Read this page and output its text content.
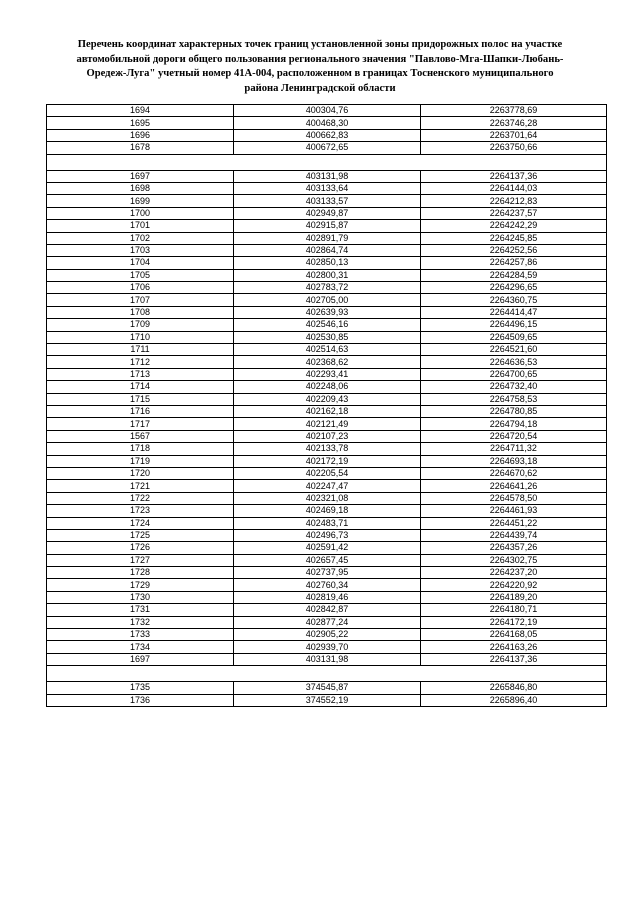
Перечень координат характерных точек границ установленной зоны придорожных полос на участке
автомобильной дороги общего пользования регионального значения "Павлово-Мга-Шапки-Любань-
Оредеж-Луга" учетный номер 41А-004, расположенном в границах Тосненского муниципального
района Ленинградской области
1694	400304,76	2263778,69
1695	400468,30	2263746,28
1696	400662,83	2263701,64
1678	400672,65	2263750,66

1697	403131,98	2264137,36
1698	403133,64	2264144,03
1699	403133,57	2264212,83
1700	402949,87	2264237,57
1701	402915,87	2264242,29
1702	402891,79	2264245,85
1703	402864,74	2264252,56
1704	402850,13	2264257,86
1705	402800,31	2264284,59
1706	402783,72	2264296,65
1707	402705,00	2264360,75
1708	402639,93	2264414,47
1709	402546,16	2264496,15
1710	402530,85	2264509,65
1711	402514,63	2264521,60
1712	402368,62	2264636,53
1713	402293,41	2264700,65
1714	402248,06	2264732,40
1715	402209,43	2264758,53
1716	402162,18	2264780,85
1717	402121,49	2264794,18
1567	402107,23	2264720,54
1718	402133,78	2264711,32
1719	402172,19	2264693,18
1720	402205,54	2264670,62
1721	402247,47	2264641,26
1722	402321,08	2264578,50
1723	402469,18	2264461,93
1724	402483,71	2264451,22
1725	402496,73	2264439,74
1726	402591,42	2264357,26
1727	402657,45	2264302,75
1728	402737,95	2264237,20
1729	402760,34	2264220,92
1730	402819,46	2264189,20
1731	402842,87	2264180,71
1732	402877,24	2264172,19
1733	402905,22	2264168,05
1734	402939,70	2264163,26
1697	403131,98	2264137,36

1735	374545,87	2265846,80
1736	374552,19	2265896,40
